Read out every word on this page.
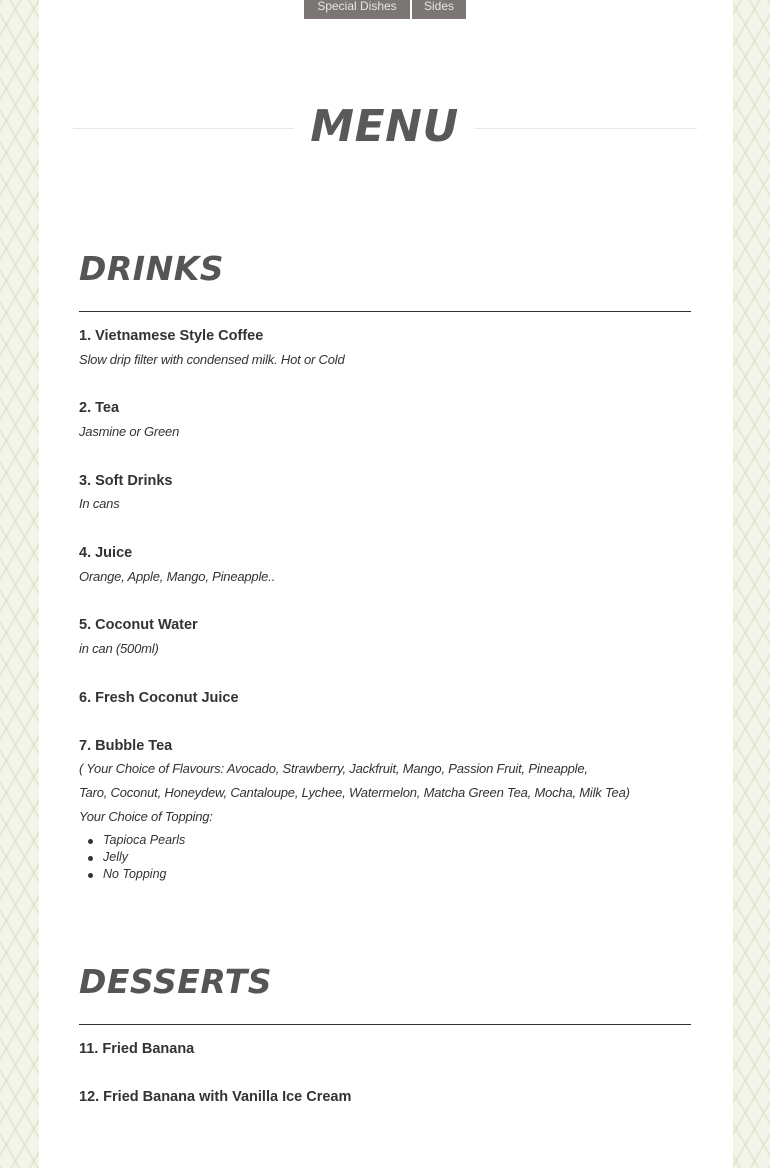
Special Dishes	Sides
MENU
DRINKS
1. Vietnamese Style Coffee
Slow drip filter with condensed milk. Hot or Cold
2. Tea
Jasmine or Green
3. Soft Drinks
In cans
4. Juice
Orange, Apple, Mango, Pineapple..
5. Coconut Water
in can (500ml)
6. Fresh Coconut Juice
7. Bubble Tea
( Your Choice of Flavours: Avocado, Strawberry, Jackfruit, Mango, Passion Fruit, Pineapple,
Taro, Coconut, Honeydew, Cantaloupe, Lychee, Watermelon, Matcha Green Tea, Mocha, Milk Tea)
Your Choice of Topping:
Tapioca Pearls
Jelly
No Topping
DESSERTS
11. Fried Banana
12. Fried Banana with Vanilla Ice Cream
